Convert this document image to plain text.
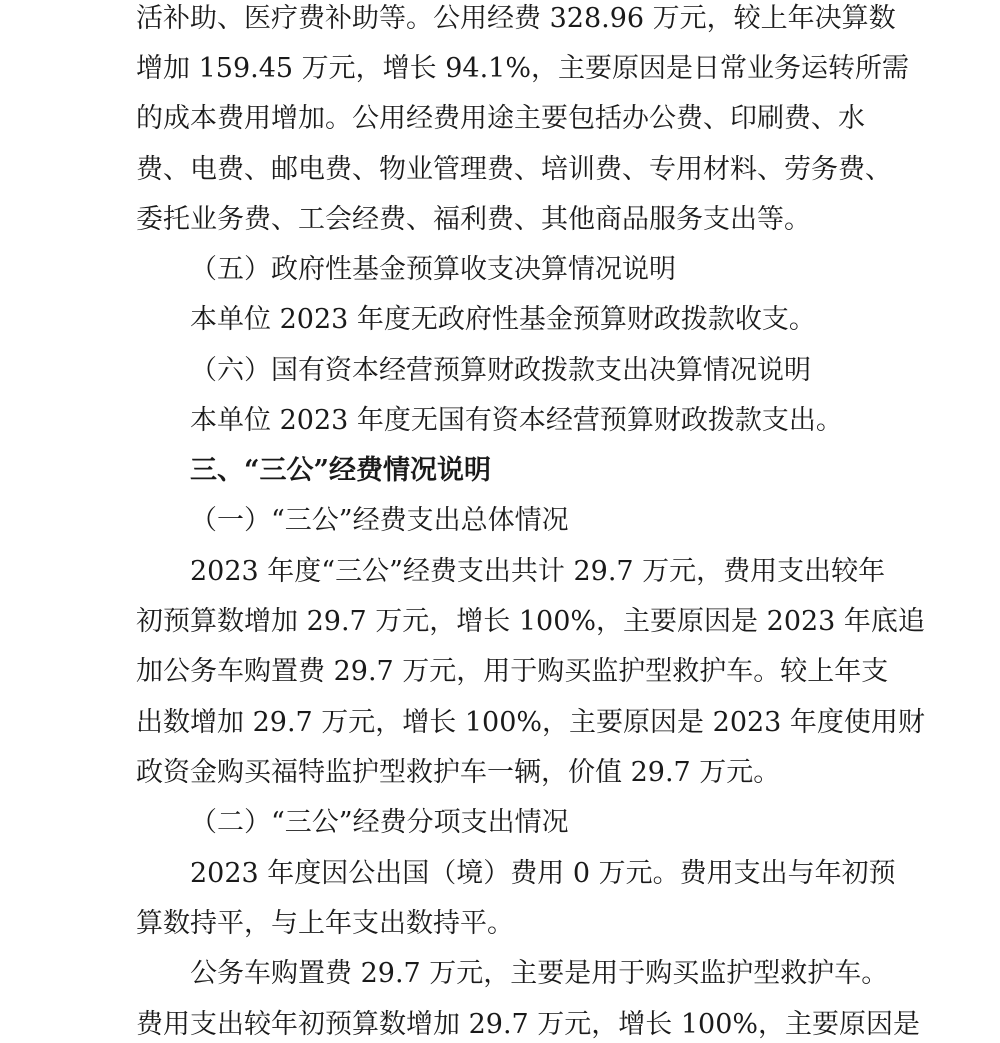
活补助、医疗费补助等。公用经费 328.96 万元，较上年决算数
增加 159.45 万元，增长 94.1%，主要原因是日常业务运转所需
的成本费用增加。公用经费用途主要包括办公费、印刷费、水
费、电费、邮电费、物业管理费、培训费、专用材料、劳务费、
委托业务费、工会经费、福利费、其他商品服务支出等。
（五）政府性基金预算收支决算情况说明
本单位 2023 年度无政府性基金预算财政拨款收支。
（六）国有资本经营预算财政拨款支出决算情况说明
本单位 2023 年度无国有资本经营预算财政拨款支出。
三、“三公”经费情况说明
（一）“三公”经费支出总体情况
2023 年度“三公”经费支出共计 29.7 万元，费用支出较年
初预算数增加 29.7 万元，增长 100%，主要原因是 2023 年底追
加公务车购置费 29.7 万元，用于购买监护型救护车。较上年支
出数增加 29.7 万元，增长 100%，主要原因是 2023 年度使用财
政资金购买福特监护型救护车一辆，价值 29.7 万元。
（二）“三公”经费分项支出情况
2023 年度因公出国（境）费用 0 万元。费用支出与年初预
算数持平，与上年支出数持平。
公务车购置费 29.7 万元，主要是用于购买监护型救护车。
费用支出较年初预算数增加 29.7 万元，增长 100%，主要原因是
